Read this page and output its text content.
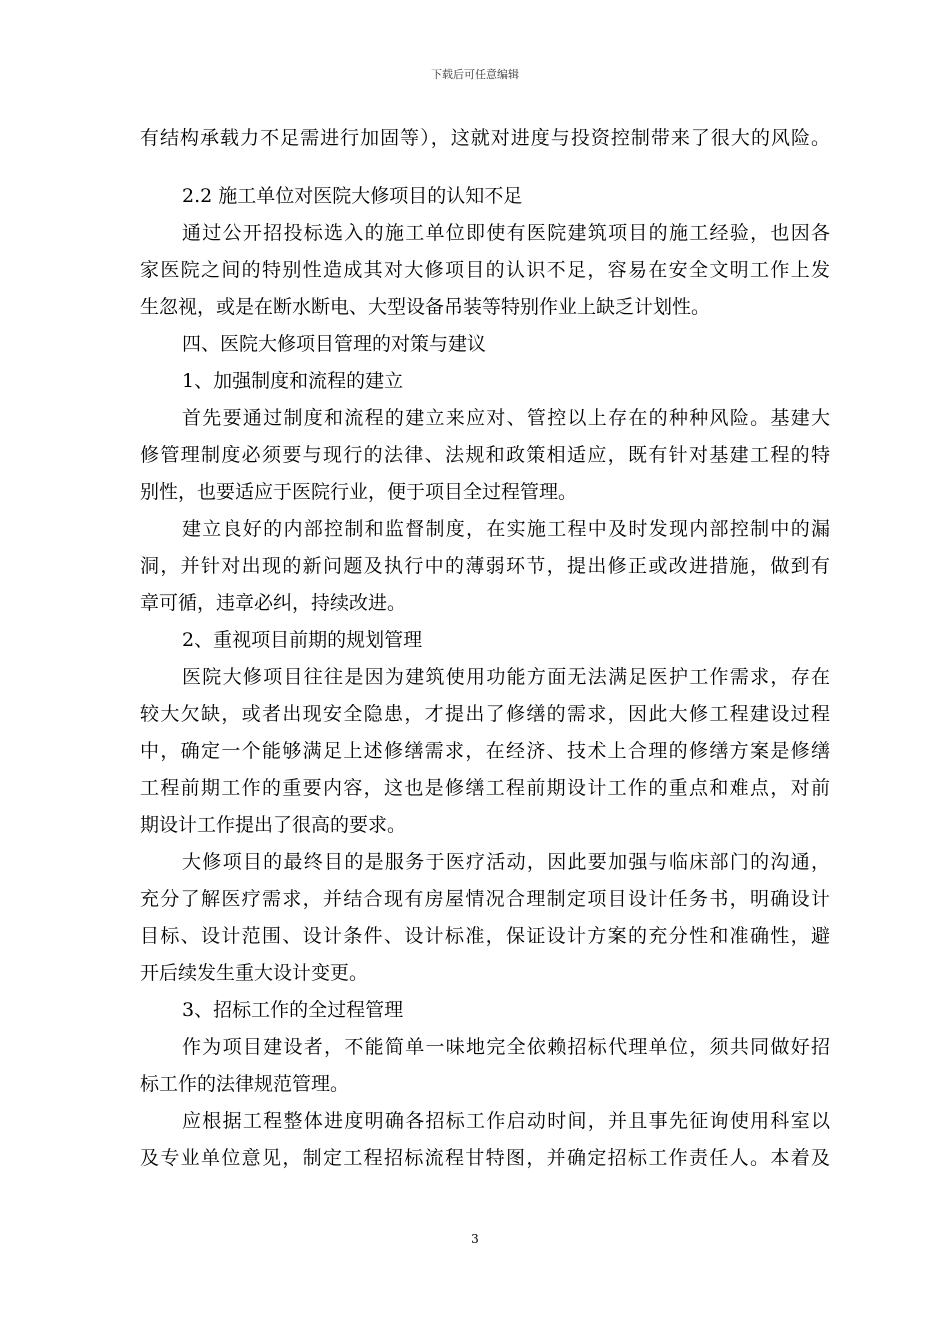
下载后可任意编辑
有结构承载力不足需进行加固等），这就对进度与投资控制带来了很大的风险。
2.2 施工单位对医院大修项目的认知不足
通过公开招投标选入的施工单位即使有医院建筑项目的施工经验，也因各
家医院之间的特别性造成其对大修项目的认识不足，容易在安全文明工作上发
生忽视，或是在断水断电、大型设备吊装等特别作业上缺乏计划性。
四、医院大修项目管理的对策与建议
1、加强制度和流程的建立
首先要通过制度和流程的建立来应对、管控以上存在的种种风险。基建大
修管理制度必须要与现行的法律、法规和政策相适应，既有针对基建工程的特
别性，也要适应于医院行业，便于项目全过程管理。
建立良好的内部控制和监督制度，在实施工程中及时发现内部控制中的漏
洞，并针对出现的新问题及执行中的薄弱环节，提出修正或改进措施，做到有
章可循，违章必纠，持续改进。
2、重视项目前期的规划管理
医院大修项目往往是因为建筑使用功能方面无法满足医护工作需求，存在
较大欠缺，或者出现安全隐患，才提出了修缮的需求，因此大修工程建设过程
中，确定一个能够满足上述修缮需求，在经济、技术上合理的修缮方案是修缮
工程前期工作的重要内容，这也是修缮工程前期设计工作的重点和难点，对前
期设计工作提出了很高的要求。
大修项目的最终目的是服务于医疗活动，因此要加强与临床部门的沟通，
充分了解医疗需求，并结合现有房屋情况合理制定项目设计任务书，明确设计
目标、设计范围、设计条件、设计标准，保证设计方案的充分性和准确性，避
开后续发生重大设计变更。
3、招标工作的全过程管理
作为项目建设者，不能简单一味地完全依赖招标代理单位，须共同做好招
标工作的法律规范管理。
应根据工程整体进度明确各招标工作启动时间，并且事先征询使用科室以
及专业单位意见，制定工程招标流程甘特图，并确定招标工作责任人。本着及
3
